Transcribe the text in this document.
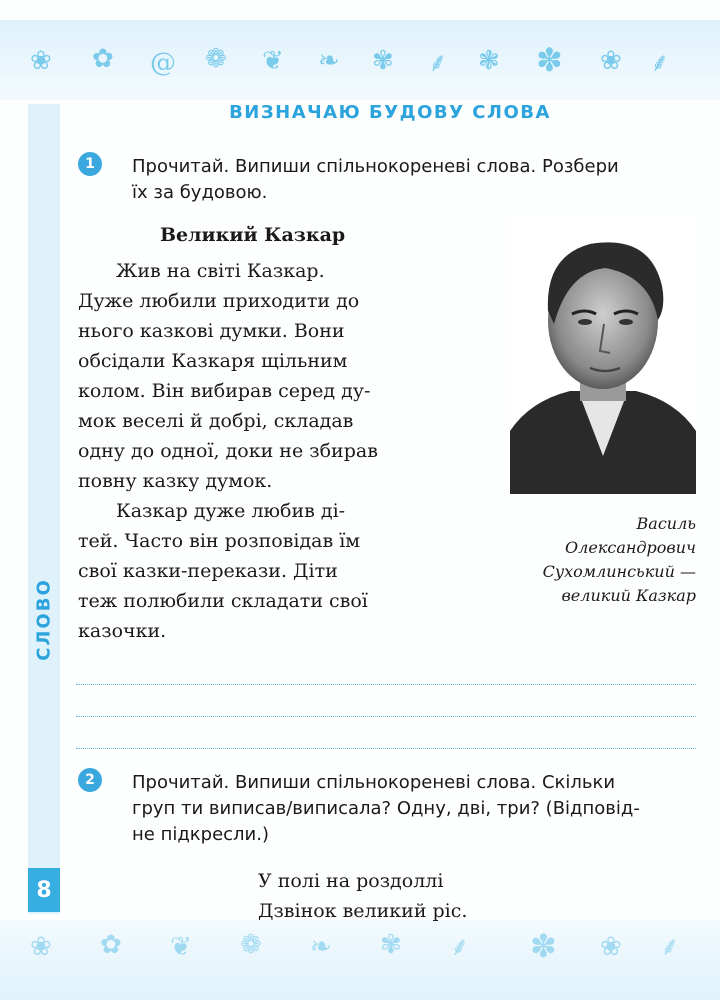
❀ ✿ @ ❁ ❦ ❧ ✾ ⸙ ❃ ✽ ❀ ⸙
❀ ✿ ❦ ❁ ❧ ✾ ⸙ ✽ ❀ ⸙
СЛОВО
8
ВИЗНАЧАЮ БУДОВУ СЛОВА
1	Прочитай. Випиши спільнокореневі слова. Розбери
їх за будовою.
Великий Казкар
  Жив на світі Казкар.
Дуже любили приходити до
нього казкові думки. Вони
обсідали Казкаря щільним
колом. Він вибирав серед ду-
мок веселі й добрі, складав
одну до одної, доки не збирав
повну казку думок.
  Казкар дуже любив ді-
тей. Часто він розповідав їм
свої казки-перекази. Діти
теж полюбили складати свої
казочки.
Василь
Олександрович
Сухомлинський —
великий Казкар
2	Прочитай. Випиши спільнокореневі слова. Скільки
груп ти виписав/виписала? Одну, дві, три? (Відповід-
не підкресли.)
У полі на роздоллі
Дзвінок великий ріс.
